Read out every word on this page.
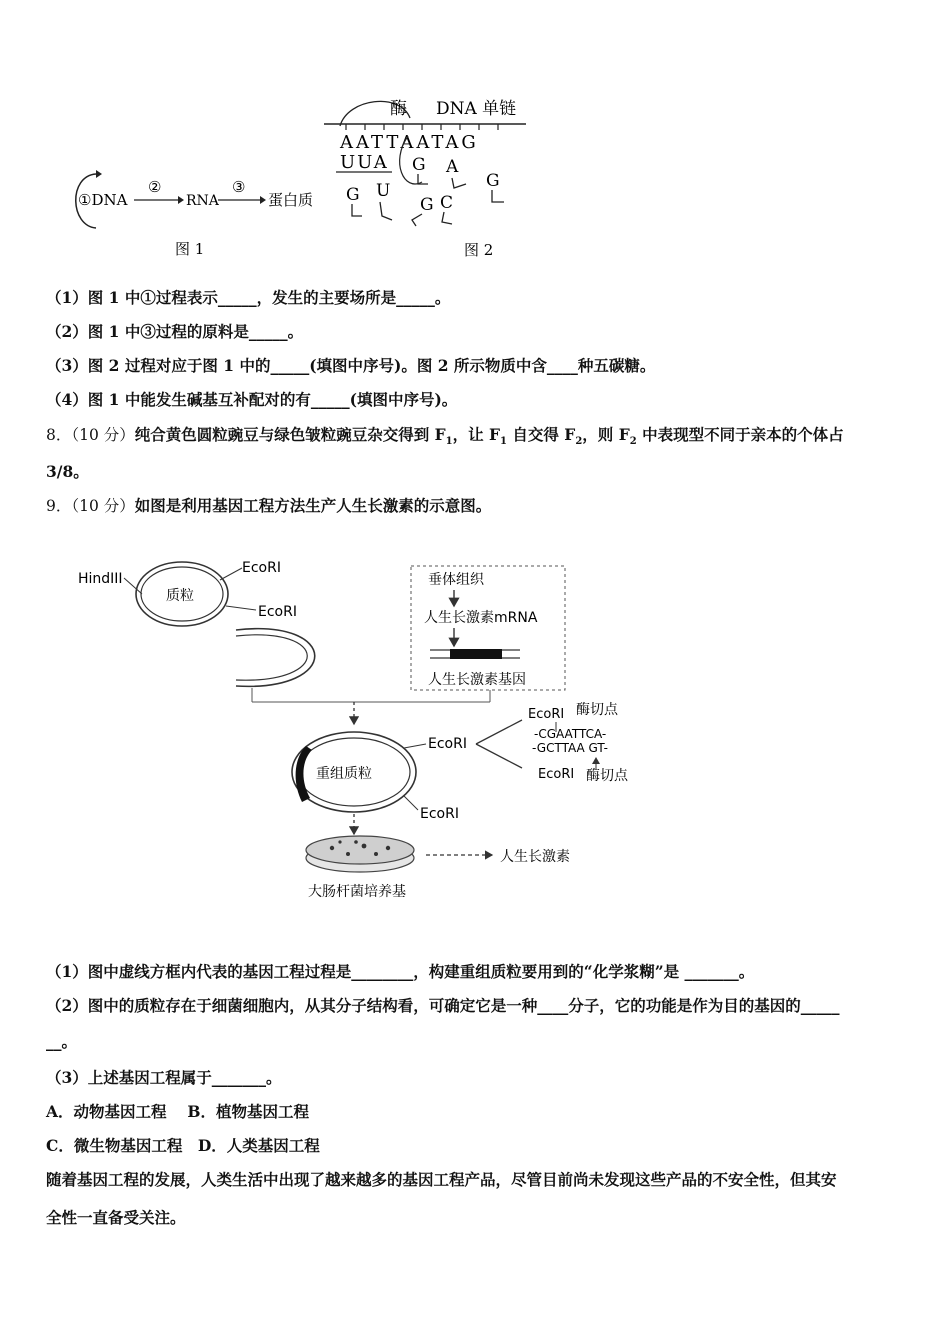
①DNA
②
RNA
③
蛋白质
图 1
酶 DNA 单链
AATTAATAG
UUA G A
G
G U
G C
图 2
（1）图 1 中①过程表示_____，发生的主要场所是_____。
（2）图 1 中③过程的原料是_____。
（3）图 2 过程对应于图 1 中的_____(填图中序号)。图 2 所示物质中含____种五碳糖。
（4）图 1 中能发生碱基互补配对的有_____(填图中序号)。
8．（10 分）纯合黄色圆粒豌豆与绿色皱粒豌豆杂交得到 $F_1$，让 $F_1$ 自交得 $F_2$，则 $F_2$ 中表现型不同于亲本的个体占
3/8。
9．（10 分）如图是利用基因工程方法生产人生长激素的示意图。
质粒
HindIII
EcoRI
EcoRI
垂体组织
人生长激素mRNA
人生长激素基因
重组质粒
EcoRI
EcoRI
EcoRI 酶切点
-CGAATTCA-
-GCTTAA GT-
EcoRI 酶切点
大肠杆菌培养基
人生长激素
（1）图中虚线方框内代表的基因工程过程是________，构建重组质粒要用到的“化学浆糊”是 _______。
（2）图中的质粒存在于细菌细胞内，从其分子结构看，可确定它是一种____分子，它的功能是作为目的基因的_____
__。
（3）上述基因工程属于_______。
A．动物基因工程　 B．植物基因工程
C．微生物基因工程　D．人类基因工程
随着基因工程的发展，人类生活中出现了越来越多的基因工程产品，尽管目前尚未发现这些产品的不安全性，但其安
全性一直备受关注。
